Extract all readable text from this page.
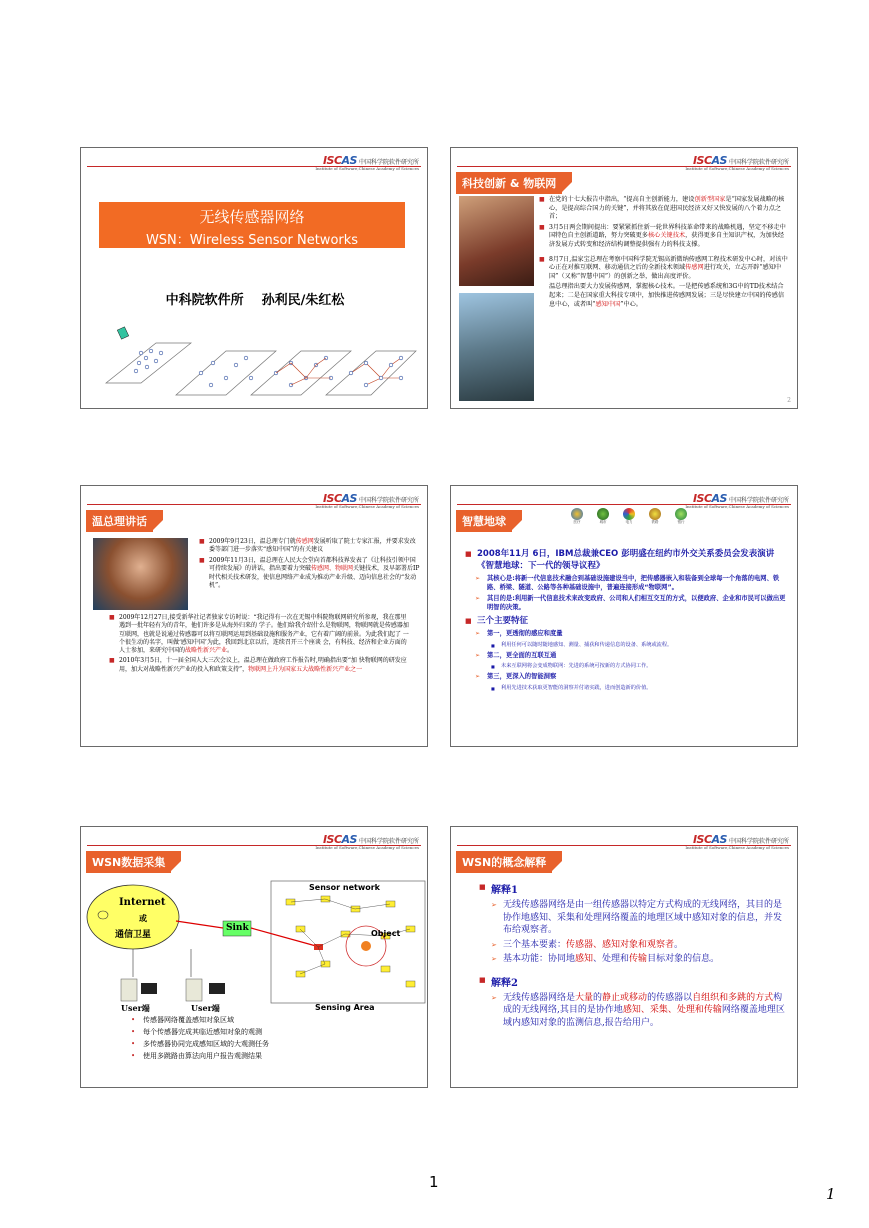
ISCAS 中国科学院软件研究所
Institute of Software,Chinese Academy of Sciences
无线传感器网络
WSN：Wireless Sensor Networks
中科院软件所    孙利民/朱红松
ISCAS 中国科学院软件研究所
Institute of Software,Chinese Academy of Sciences
科技创新 & 物联网
■ 在党的十七大报告中指出，“提高自主创新能力，建设创新型国家是“国家发展战略的核心，是提高综合国力的关键”，并将其放在促进国民经济又好又快发展的八个着力点之首；
■ 3月5日两会期间提出：要紧紧抓住新一轮世界科技革命带来的战略机遇，坚定不移走中国特色自主创新道路，努力突破更多核心关键技术，获得更多自主知识产权，为加快经济发展方式转变和经济结构调整提供强有力的科技支撑。
■ 8月7日,温家宝总理在考察中国科学院无锡高新微纳传感网工程技术研发中心时，对该中心正在对推互联网、移动通信之后的全新技术领域传感网进行攻关，立志开辟“感知中国”（又称“智慧中国”）的创新之举，做出高度评价。
温总理指出要大力发展传感网，掌握核心技术。一是把传感系统和3G中的TD技术结合起来；二是在国家重大科技专项中，加快推进传感网发展；三是尽快建立中国的传感信息中心，或者叫“感知中国”中心。
2
ISCAS 中国科学院软件研究所
Institute of Software,Chinese Academy of Sciences
温总理讲话
■ 2009年9月23日，温总理专门就传感网发展听取了院士专家汇报，并要求发改委等部门进一步落实“感知中国”的有关建议
■ 2009年11月3日，温总理在人民大会堂向首都科技界发表了《让科技引领中国可持续发展》的讲话，指出要着力突破传感网、物联网关键技术，及早部署后IP时代相关技术研发，使信息网络产业成为推动产业升级、迈向信息社会的“发动机”。
■ 2009年12月27日,接受新华社记者独家专访时说：“我记得有一次在无锡中科院物联网研究所参观，我在那里遇到一批年轻有为的青年，他们许多是从海外归来的 学子。他们给我介绍什么是物联网，物联网就是传感器加互联网，也就是说通过传感器可以将互联网运用到基础设施和服务产业，它有着广阔的前景。为此我们起了 一个很生动的名字，叫做‘感知中国’为此，我回到北京以后，连续召开三个座谈 会，有科技、经济和企业方面的人士参加，来研究中国的战略性新兴产业。
■ 2010年3月5日，十一届全国人大三次会议上，温总理在做政府工作报告时,明确指出要“加 快物联网的研发应用，加大对战略性新兴产业的投入和政策支持”，物联网上升为国家五大战略性新兴产业之一
ISCAS 中国科学院软件研究所
Institute of Software,Chinese Academy of Sciences
智慧地球	医疗	城市	电力	铁路	银行
■ 2008年11月 6日，IBM总裁兼CEO 彭明盛在纽约市外交关系委员会发表演讲《智慧地球：下一代的领导议程》
➢ 其核心是:将新一代信息技术融合到基础设施建设当中，把传感器嵌入和装备到全球每一个角落的电网、铁路、桥梁、隧道、公路等各种基础设施中，普遍连接形成“物联网”。
➢ 其目的是:利用新一代信息技术来改变政府、公司和人们相互交互的方式，以便政府、企业和市民可以做出更明智的决策。
■ 三个主要特征
➢ 第一，更透彻的感应和度量
■ 利用任何可以随时随地感知、测量、捕获和传递信息的设备、系统或流程。
➢ 第二，更全面的互联互通
■ 未来互联网将会变成物联网：先进的系统可按新的方式协同工作。
➢ 第三，更深入的智能洞察
■ 利用先进技术获取更智能的洞察并付诸实践，进而创造新的价值。
ISCAS 中国科学院软件研究所
Institute of Software,Chinese Academy of Sciences
WSN数据采集
Internet
或
通信卫星
Sink
Sensor network
Object
Sensing Area
User端	User端
• 传感器网络覆盖感知对象区域
• 每个传感器完成其临近感知对象的观测
• 多传感器协同完成感知区域的大观测任务
• 使用多跳路由算法向用户报告观测结果
ISCAS 中国科学院软件研究所
Institute of Software,Chinese Academy of Sciences
WSN的概念解释
■ 解释1
➢ 无线传感器网络是由一组传感器以特定方式构成的无线网络，其目的是协作地感知、采集和处理网络覆盖的地理区域中感知对象的信息，并发布给观察者。
➢ 三个基本要素：传感器、感知对象和观察者。
➢ 基本功能：协同地感知、处理和传输目标对象的信息。
■ 解释2
➢ 无线传感器网络是大量的静止或移动的传感器以自组织和多跳的方式构成的无线网络,其目的是协作地感知、采集、处理和传输网络覆盖地理区域内感知对象的监测信息,报告给用户。
1
1
